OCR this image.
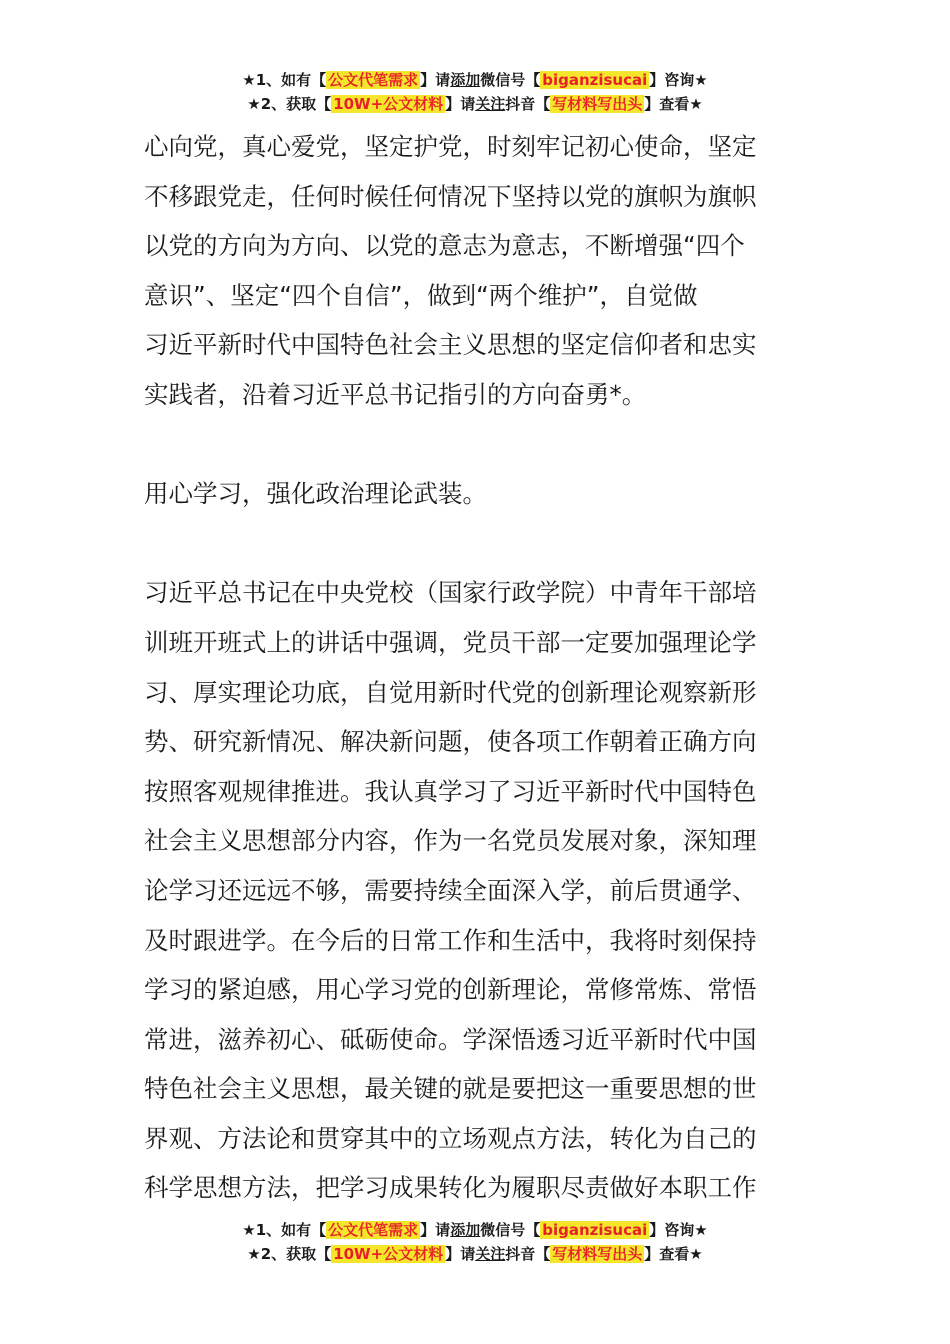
★1、如有【 公文代笔需求 】请添加微信号【 biganzisucai 】咨询★
★2、获取【 10W+公文材料 】请关注抖音【 写材料写出头 】查看★
心向党，真心爱党，坚定护党，时刻牢记初心使命，坚定
不移跟党走，任何时候任何情况下坚持以党的旗帜为旗帜
以党的方向为方向、以党的意志为意志，不断增强“四个
意识”、坚定“四个自信”，做到“两个维护”，自觉做
习近平新时代中国特色社会主义思想的坚定信仰者和忠实
实践者，沿着习近平总书记指引的方向奋勇*。
用心学习，强化政治理论武装。
习近平总书记在中央党校（国家行政学院）中青年干部培
训班开班式上的讲话中强调，党员干部一定要加强理论学
习、厚实理论功底，自觉用新时代党的创新理论观察新形
势、研究新情况、解决新问题，使各项工作朝着正确方向
按照客观规律推进。我认真学习了习近平新时代中国特色
社会主义思想部分内容，作为一名党员发展对象，深知理
论学习还远远不够，需要持续全面深入学，前后贯通学、
及时跟进学。在今后的日常工作和生活中，我将时刻保持
学习的紧迫感，用心学习党的创新理论，常修常炼、常悟
常进，滋养初心、砥砺使命。学深悟透习近平新时代中国
特色社会主义思想，最关键的就是要把这一重要思想的世
界观、方法论和贯穿其中的立场观点方法，转化为自己的
科学思想方法，把学习成果转化为履职尽责做好本职工作
★1、如有【 公文代笔需求 】请添加微信号【 biganzisucai 】咨询★
★2、获取【 10W+公文材料 】请关注抖音【 写材料写出头 】查看★
